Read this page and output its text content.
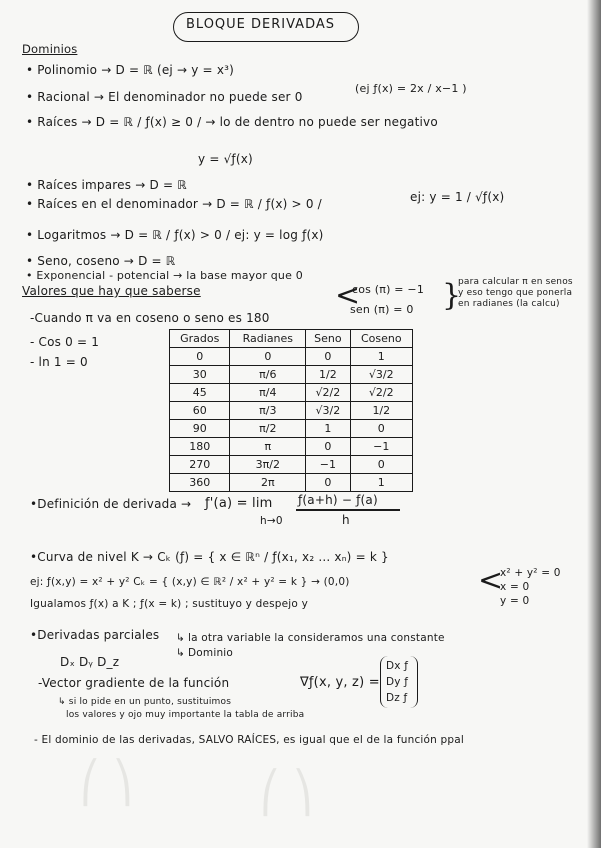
BLOQUE DERIVADAS
Dominios
• Polinomio → D = ℝ (ej → y = x³)
• Racional → El denominador no puede ser 0
(ej ƒ(x) = 2x / x−1 )
• Raíces → D = ℝ / ƒ(x) ≥ 0 / → lo de dentro no puede ser negativo
y = √ƒ(x)
• Raíces impares → D = ℝ
• Raíces en el denominador → D = ℝ / ƒ(x) > 0 /	ej: y = 1 / √ƒ(x)
• Logaritmos → D = ℝ / ƒ(x) > 0 / ej: y = log ƒ(x)
• Seno, coseno → D = ℝ
• Exponencial - potencial → la base mayor que 0
Valores que hay que saberse
-Cuando π va en coseno o seno es 180
<
cos (π) = −1
sen (π) = 0 }
para calcular π en senos
y eso tengo que ponerla
en radianes (la calcu)
- Cos 0 = 1
- ln 1 = 0
Grados	Radianes	Seno	Coseno
0	0	0	1
30	π/6	1/2	√3/2
45	π/4	√2/2	√2/2
60	π/3	√3/2	1/2
90	π/2	1	0
180	π	0	−1
270	3π/2	−1	0
360	2π	0	1
•Definición de derivada → ƒ'(a) = lim
h→0
ƒ(a+h) − ƒ(a)
h
•Curva de nivel K → Cₖ (ƒ) = { x ∈ ℝⁿ / ƒ(x₁, x₂ ... xₙ) = k }
ej: ƒ(x,y) = x² + y² Cₖ = { (x,y) ∈ ℝ² / x² + y² = k } → (0,0)	<
x² + y² = 0
x = 0
y = 0
Igualamos ƒ(x) a K ; ƒ(x = k) ; sustituyo y despejo y
•Derivadas parciales ↳ la otra variable la consideramos una constante
↳ Dominio
Dₓ Dᵧ D_z
-Vector gradiente de la función	∇ƒ(x, y, z) =
Dx ƒ
Dy ƒ
Dz ƒ
↳ si lo pide en un punto, sustituimos
los valores y ojo muy importante la tabla de arriba
- El dominio de las derivadas, SALVO RAÍCES, es igual que el de la función ppal
⎛ ⎞	⎛ ⎞
